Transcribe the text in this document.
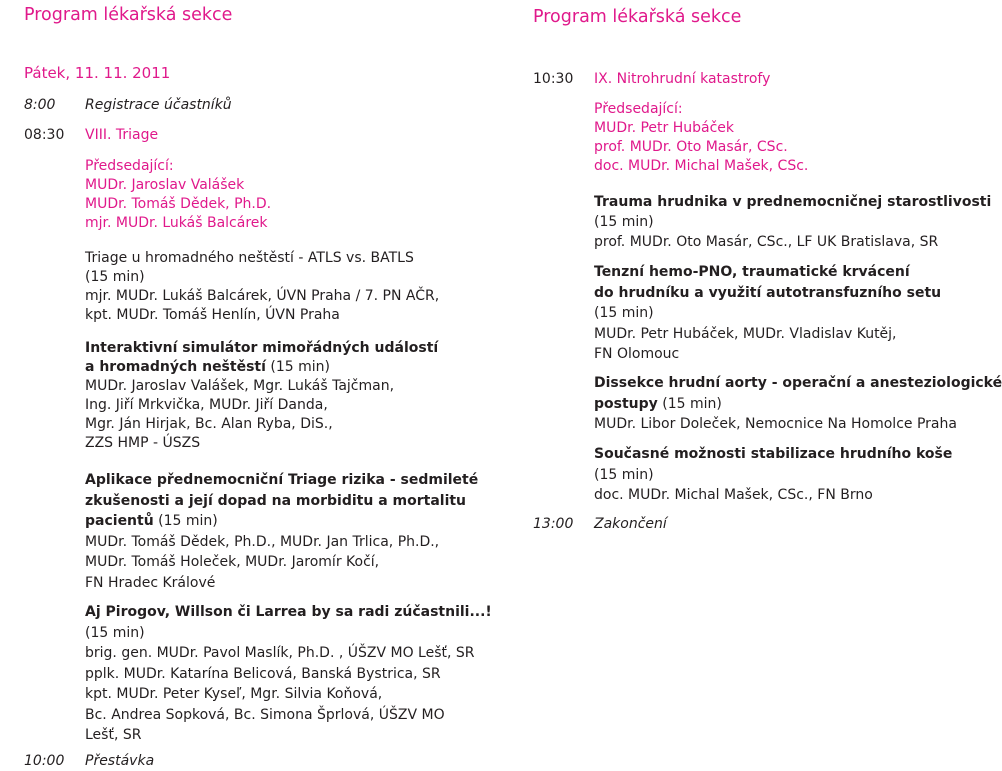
Program lékařská sekce
Pátek, 11. 11. 2011
8:00 Registrace účastníků
08:30 VIII. Triage
Předsedající:
MUDr. Jaroslav Valášek
MUDr. Tomáš Dědek, Ph.D.
mjr. MUDr. Lukáš Balcárek
Triage u hromadného neštěstí - ATLS vs. BATLS
(15 min)
mjr. MUDr. Lukáš Balcárek, ÚVN Praha / 7. PN AČR,
kpt. MUDr. Tomáš Henlín, ÚVN Praha
Interaktivní simulátor mimořádných událostí
a hromadných neštěstí (15 min)
MUDr. Jaroslav Valášek, Mgr. Lukáš Tajčman,
Ing. Jiří Mrkvička, MUDr. Jiří Danda,
Mgr. Ján Hirjak, Bc. Alan Ryba, DiS.,
ZZS HMP - ÚSZS
Aplikace přednemocniční Triage rizika - sedmileté
zkušenosti a její dopad na morbiditu a mortalitu
pacientů (15 min)
MUDr. Tomáš Dědek, Ph.D., MUDr. Jan Trlica, Ph.D.,
MUDr. Tomáš Holeček, MUDr. Jaromír Kočí,
FN Hradec Králové
Aj Pirogov, Willson či Larrea by sa radi zúčastnili...!
(15 min)
brig. gen. MUDr. Pavol Maslík, Ph.D. , ÚŠZV MO Lešť, SR
pplk. MUDr. Katarína Belicová, Banská Bystrica, SR
kpt. MUDr. Peter Kyseľ, Mgr. Silvia Koňová,
Bc. Andrea Sopková, Bc. Simona Šprlová, ÚŠZV MO
Lešť, SR
10:00 Přestávka
Program lékařská sekce
10:30 IX. Nitrohrudní katastrofy
Předsedající:
MUDr. Petr Hubáček
prof. MUDr. Oto Masár, CSc.
doc. MUDr. Michal Mašek, CSc.
Trauma hrudnika v prednemocničnej starostlivosti
(15 min)
prof. MUDr. Oto Masár, CSc., LF UK Bratislava, SR
Tenzní hemo-PNO, traumatické krvácení
do hrudníku a využití autotransfuzního setu
(15 min)
MUDr. Petr Hubáček, MUDr. Vladislav Kutěj,
FN Olomouc
Dissekce hrudní aorty - operační a anesteziologické
postupy (15 min)
MUDr. Libor Doleček, Nemocnice Na Homolce Praha
Současné možnosti stabilizace hrudního koše
(15 min)
doc. MUDr. Michal Mašek, CSc., FN Brno
13:00 Zakončení
